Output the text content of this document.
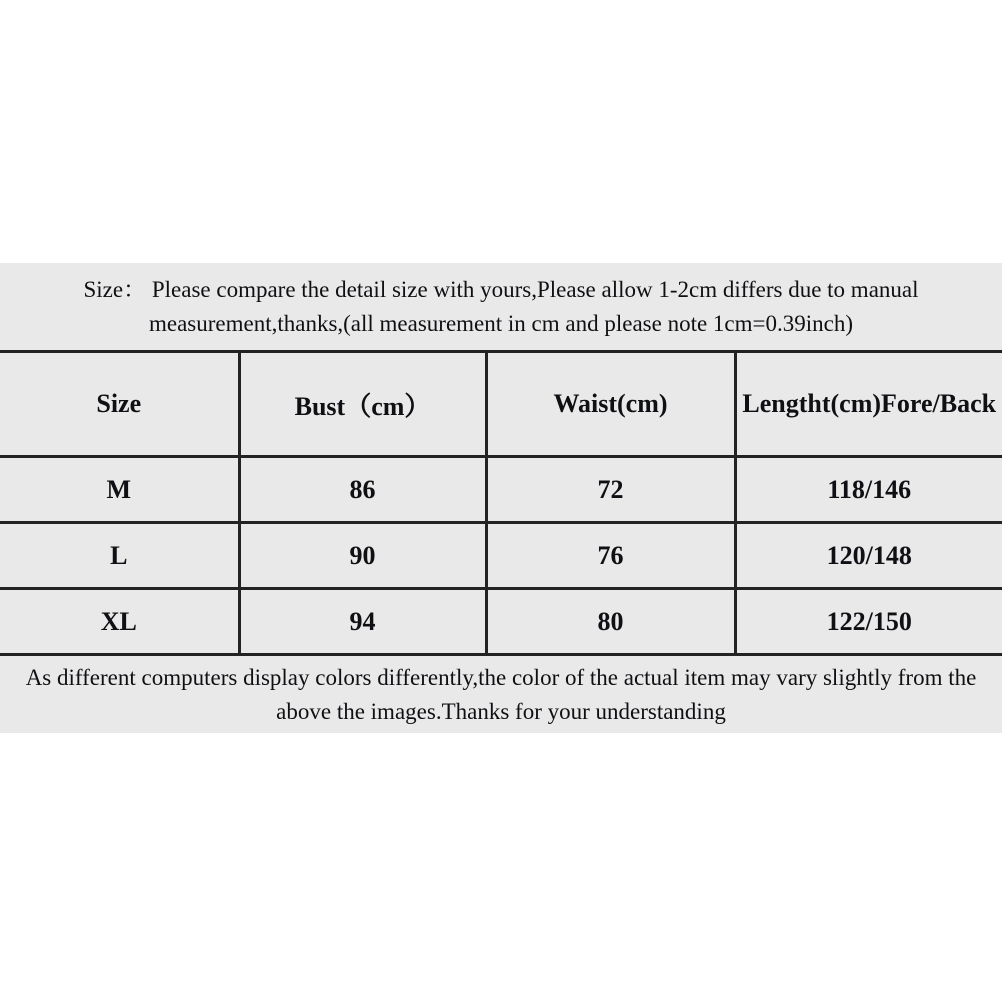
Size： Please compare the detail size with yours,Please allow 1-2cm differs due to manual
measurement,thanks,(all measurement in cm and please note 1cm=0.39inch)
Size	Bust（cm）	Waist(cm)	Lengtht(cm)Fore/Back
M	86	72	118/146
L	90	76	120/148
XL	94	80	122/150
As different computers display colors differently,the color of the actual item may vary slightly from the
above the images.Thanks for your understanding
